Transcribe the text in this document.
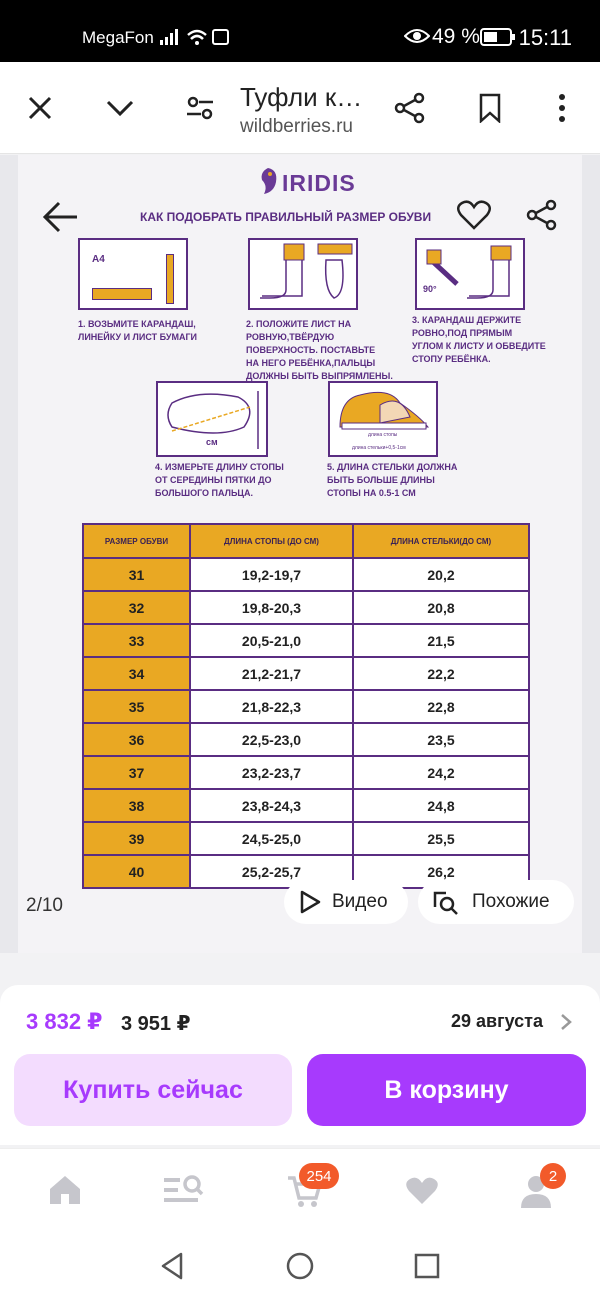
MegaFon	49 % 15:11
Туфли к…
wildberries.ru
IRIDIS
КАК ПОДОБРАТЬ ПРАВИЛЬНЫЙ РАЗМЕР ОБУВИ
A4
90°
1. ВОЗЬМИТЕ КАРАНДАШ,
ЛИНЕЙКУ И ЛИСТ БУМАГИ
2. ПОЛОЖИТЕ ЛИСТ НА
РОВНУЮ,ТВЁРДУЮ
ПОВЕРХНОСТЬ. ПОСТАВЬТЕ
НА НЕГО РЕБЁНКА,ПАЛЬЦЫ
ДОЛЖНЫ БЫТЬ ВЫПРЯМЛЕНЫ.
3. КАРАНДАШ ДЕРЖИТЕ
РОВНО,ПОД ПРЯМЫМ
УГЛОМ К ЛИСТУ И ОБВЕДИТЕ
СТОПУ РЕБЁНКА.
см
длина стопы
длина стельки+0,5-1см
4. ИЗМЕРЬТЕ ДЛИНУ СТОПЫ
ОТ СЕРЕДИНЫ ПЯТКИ ДО
БОЛЬШОГО ПАЛЬЦА.
5. ДЛИНА СТЕЛЬКИ ДОЛЖНА
БЫТЬ БОЛЬШЕ ДЛИНЫ
СТОПЫ НА 0.5-1 СМ
РАЗМЕР ОБУВИ	ДЛИНА СТОПЫ (ДО СМ)	ДЛИНА СТЕЛЬКИ(ДО СМ)
31	19,2-19,7	20,2
32	19,8-20,3	20,8
33	20,5-21,0	21,5
34	21,2-21,7	22,2
35	21,8-22,3	22,8
36	22,5-23,0	23,5
37	23,2-23,7	24,2
38	23,8-24,3	24,8
39	24,5-25,0	25,5
40	25,2-25,7	26,2
2/10	Видео	Похожие
3 832 ₽ 3 951 ₽	29 августа
Купить сейчас	В корзину
254	2
